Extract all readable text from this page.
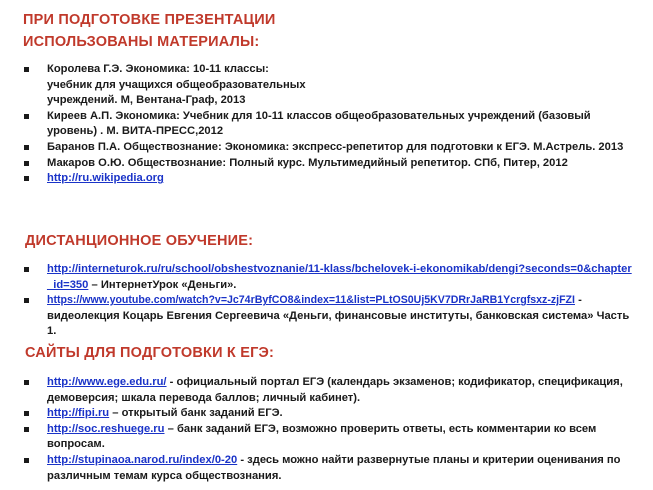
ПРИ ПОДГОТОВКЕ ПРЕЗЕНТАЦИИ
ИСПОЛЬЗОВАНЫ МАТЕРИАЛЫ:
Королева Г.Э. Экономика: 10-11 классы: учебник для учащихся общеобразовательных учреждений. М, Вентана-Граф, 2013
Киреев А.П. Экономика: Учебник для 10-11 классов общеобразовательных учреждений (базовый уровень) . М. ВИТА-ПРЕСС,2012
Баранов П.А. Обществознание: Экономика: экспресс-репетитор для подготовки к ЕГЭ. М.Астрель. 2013
Макаров О.Ю. Обществознание: Полный курс. Мультимедийный репетитор. СПб, Питер, 2012
http://ru.wikipedia.org
ДИСТАНЦИОННОЕ ОБУЧЕНИЕ:
http://interneturok.ru/ru/school/obshestvoznanie/11-klass/bchelovek-i-ekonomikab/dengi?seconds=0&chapter_id=350 – ИнтернетУрок «Деньги».
https://www.youtube.com/watch?v=Jc74rByfCO8&index=11&list=PLtOS0Uj5KV7DRrJaRB1Ycrgfsxz-zjFZI - видеолекция Коцарь Евгения Сергеевича «Деньги, финансовые институты, банковская система» Часть 1.
САЙТЫ ДЛЯ ПОДГОТОВКИ К ЕГЭ:
http://www.ege.edu.ru/ - официальный портал ЕГЭ (календарь экзаменов; кодификатор, спецификация, демоверсия; шкала перевода баллов; личный кабинет).
http://fipi.ru – открытый банк заданий ЕГЭ.
http://soc.reshuege.ru – банк заданий ЕГЭ, возможно проверить ответы, есть комментарии ко всем вопросам.
http://stupinaoa.narod.ru/index/0-20 - здесь можно найти развернутые планы и критерии оценивания по различным темам курса обществознания.
